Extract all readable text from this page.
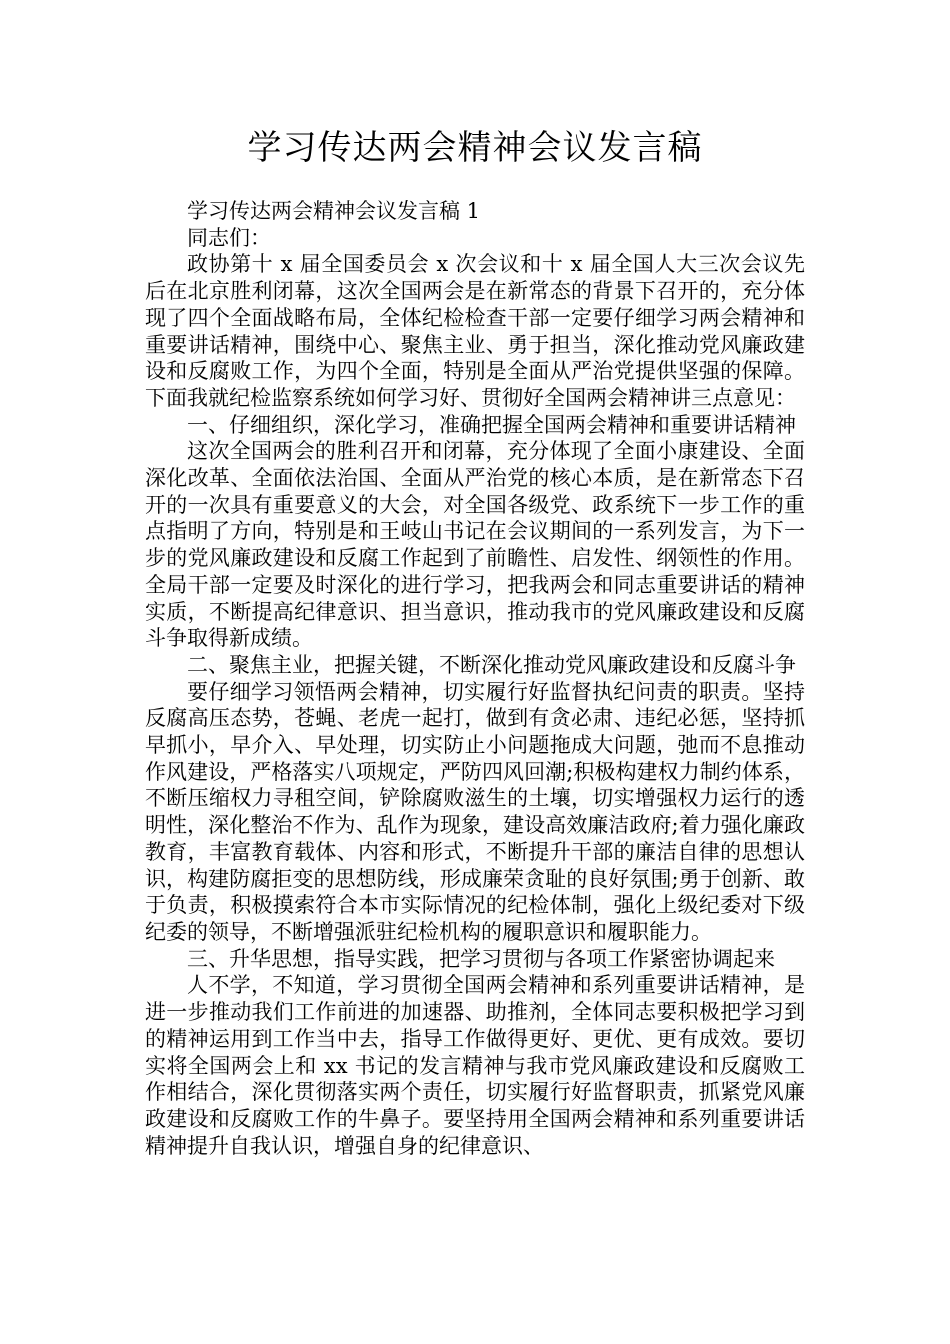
学习传达两会精神会议发言稿

学习传达两会精神会议发言稿 1

同志们：

政协第十 x 届全国委员会 x 次会议和十 x 届全国人大三次会议先后在北京胜利闭幕，这次全国两会是在新常态的背景下召开的，充分体现了四个全面战略布局，全体纪检检查干部一定要仔细学习两会精神和重要讲话精神，围绕中心、聚焦主业、勇于担当，深化推动党风廉政建设和反腐败工作，为四个全面，特别是全面从严治党提供坚强的保障。下面我就纪检监察系统如何学习好、贯彻好全国两会精神讲三点意见：

一、仔细组织，深化学习，准确把握全国两会精神和重要讲话精神

这次全国两会的胜利召开和闭幕，充分体现了全面小康建设、全面深化改革、全面依法治国、全面从严治党的核心本质，是在新常态下召开的一次具有重要意义的大会，对全国各级党、政系统下一步工作的重点指明了方向，特别是和王岐山书记在会议期间的一系列发言，为下一步的党风廉政建设和反腐工作起到了前瞻性、启发性、纲领性的作用。全局干部一定要及时深化的进行学习，把我两会和同志重要讲话的精神实质，不断提高纪律意识、担当意识，推动我市的党风廉政建设和反腐斗争取得新成绩。

二、聚焦主业，把握关键，不断深化推动党风廉政建设和反腐斗争

要仔细学习领悟两会精神，切实履行好监督执纪问责的职责。坚持反腐高压态势，苍蝇、老虎一起打，做到有贪必肃、违纪必惩，坚持抓早抓小，早介入、早处理，切实防止小问题拖成大问题，弛而不息推动作风建设，严格落实八项规定，严防四风回潮;积极构建权力制约体系，不断压缩权力寻租空间，铲除腐败滋生的土壤，切实增强权力运行的透明性，深化整治不作为、乱作为现象，建设高效廉洁政府;着力强化廉政教育，丰富教育载体、内容和形式，不断提升干部的廉洁自律的思想认识，构建防腐拒变的思想防线，形成廉荣贪耻的良好氛围;勇于创新、敢于负责，积极摸索符合本市实际情况的纪检体制，强化上级纪委对下级纪委的领导，不断增强派驻纪检机构的履职意识和履职能力。

三、升华思想，指导实践，把学习贯彻与各项工作紧密协调起来

人不学，不知道，学习贯彻全国两会精神和系列重要讲话精神，是进一步推动我们工作前进的加速器、助推剂，全体同志要积极把学习到的精神运用到工作当中去，指导工作做得更好、更优、更有成效。要切实将全国两会上和 xx 书记的发言精神与我市党风廉政建设和反腐败工作相结合，深化贯彻落实两个责任，切实履行好监督职责，抓紧党风廉政建设和反腐败工作的牛鼻子。要坚持用全国两会精神和系列重要讲话精神提升自我认识，增强自身的纪律意识、
